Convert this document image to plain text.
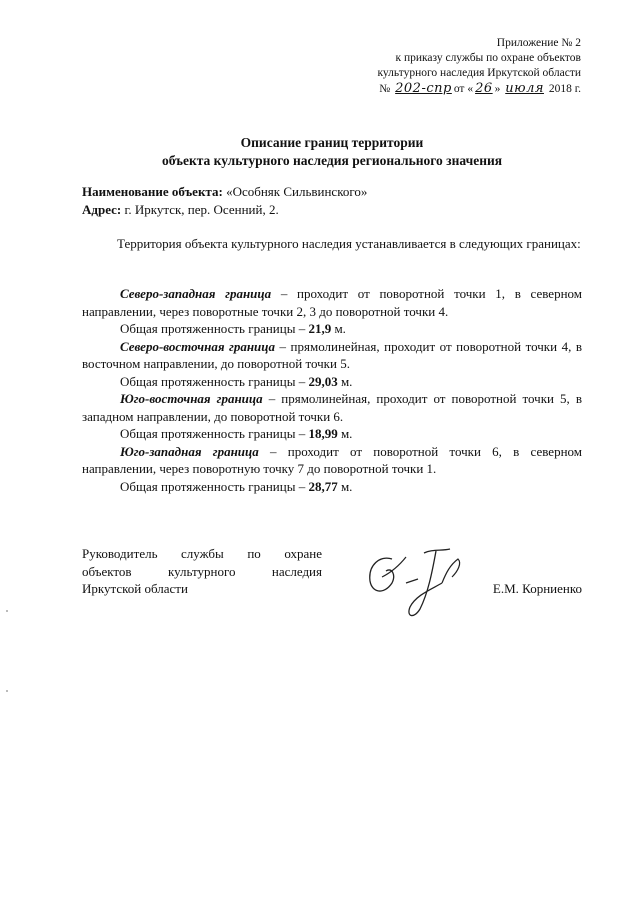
Приложение № 2
к приказу службы по охране объектов
культурного наследия Иркутской области
№ 202-спр от « 26 » июля 2018 г.
Описание границ территории
объекта культурного наследия регионального значения
Наименование объекта: «Особняк Сильвинского»
Адрес: г. Иркутск, пер. Осенний, 2.
Территория объекта культурного наследия устанавливается в следующих границах:

Северо-западная граница – проходит от поворотной точки 1, в северном направлении, через поворотные точки 2, 3 до поворотной точки 4.

Общая протяженность границы – 21,9 м.

Северо-восточная граница – прямолинейная, проходит от поворотной точки 4, в восточном направлении, до поворотной точки 5.

Общая протяженность границы – 29,03 м.

Юго-восточная граница – прямолинейная, проходит от поворотной точки 5, в западном направлении, до поворотной точки 6.

Общая протяженность границы – 18,99 м.

Юго-западная граница – проходит от поворотной точки 6, в северном направлении, через поворотную точку 7 до поворотной точки 1.

Общая протяженность границы – 28,77 м.

Руководитель службы по охране
объектов культурного наследия
Иркутской области	Е.М. Корниенко
